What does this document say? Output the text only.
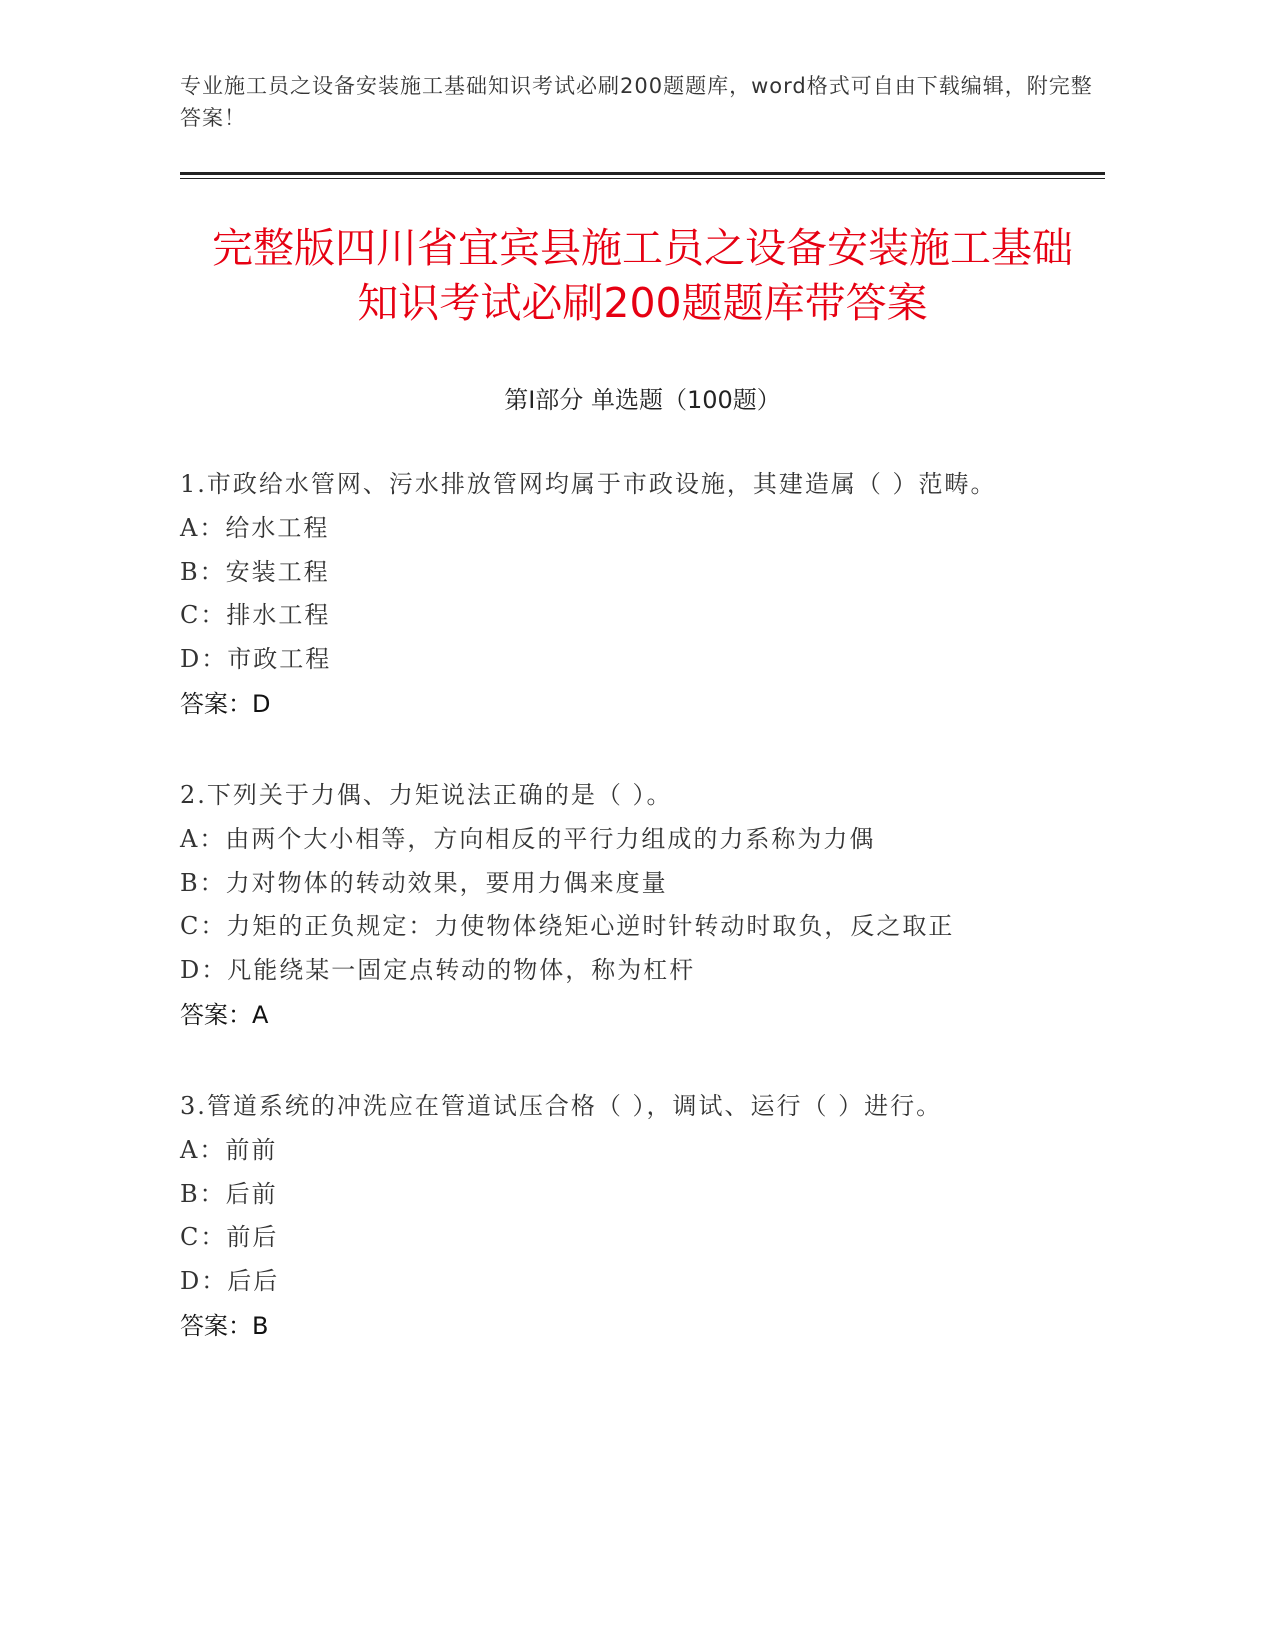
专业施工员之设备安装施工基础知识考试必刷200题题库，word格式可自由下载编辑，附完整答案！
完整版四川省宜宾县施工员之设备安装施工基础知识考试必刷200题题库带答案
第I部分 单选题（100题）
1.市政给水管网、污水排放管网均属于市政设施，其建造属（ ）范畴。
A：给水工程
B：安装工程
C：排水工程
D：市政工程
答案：D
2.下列关于力偶、力矩说法正确的是（ ）。
A：由两个大小相等，方向相反的平行力组成的力系称为力偶
B：力对物体的转动效果，要用力偶来度量
C：力矩的正负规定：力使物体绕矩心逆时针转动时取负，反之取正
D：凡能绕某一固定点转动的物体，称为杠杆
答案：A
3.管道系统的冲洗应在管道试压合格（ ），调试、运行（ ）进行。
A：前前
B：后前
C：前后
D：后后
答案：B
